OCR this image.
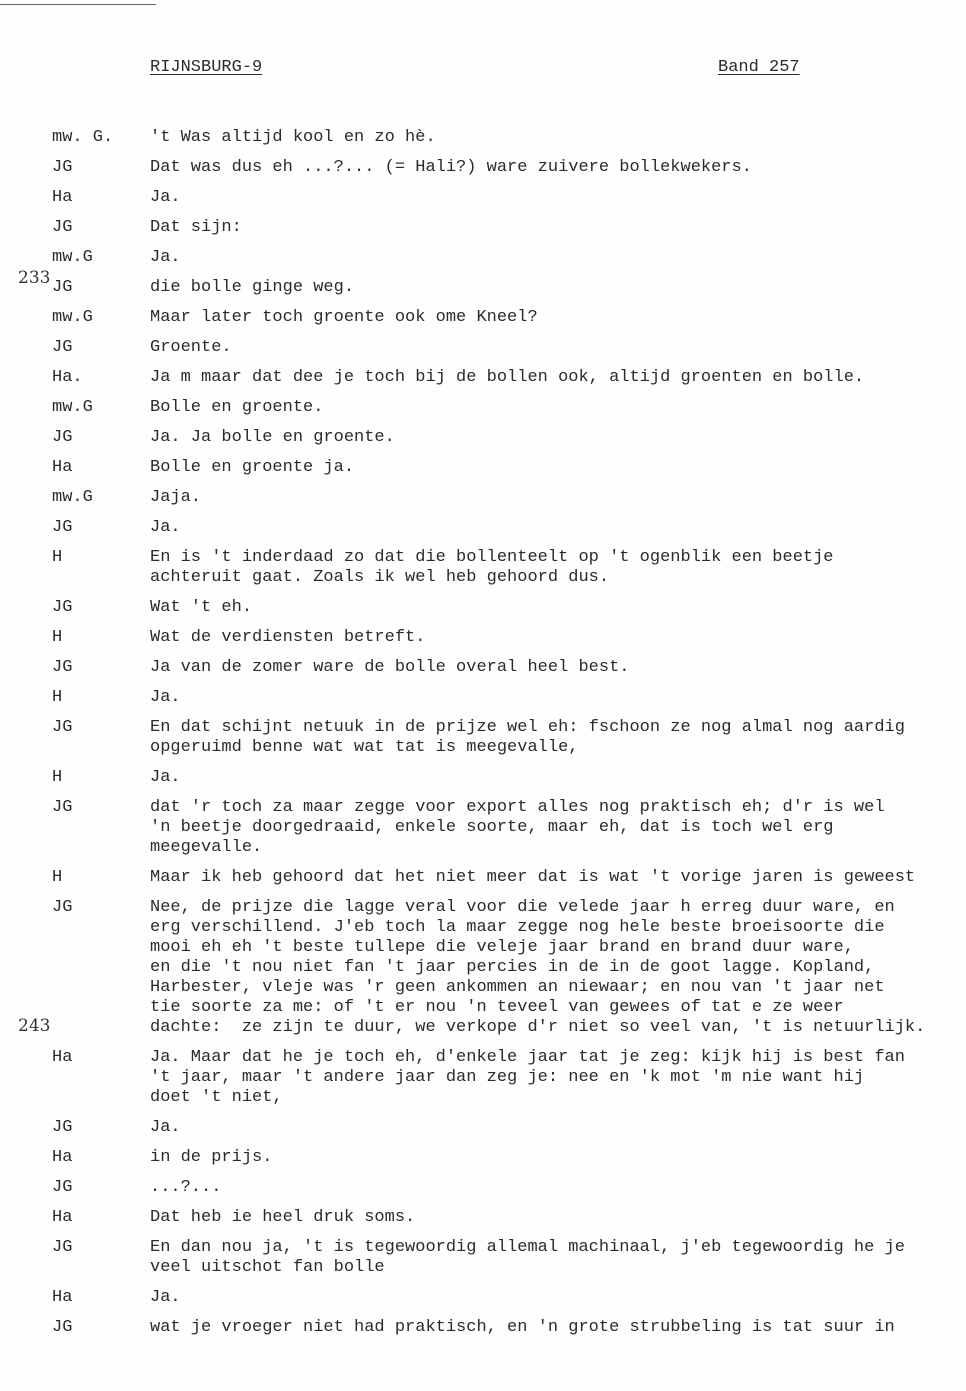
RIJNSBURG-9	Band 257
233
243
mw. G.	't Was altijd kool en zo hè.
JG	Dat was dus eh ...?... (= Hali?) ware zuivere bollekwekers.
Ha	Ja.
JG	Dat sijn:
mw.G	Ja.
JG	die bolle ginge weg.
mw.G	Maar later toch groente ook ome Kneel?
JG	Groente.
Ha.	Ja m maar dat dee je toch bij de bollen ook, altijd groenten en bolle.
mw.G	Bolle en groente.
JG	Ja. Ja bolle en groente.
Ha	Bolle en groente ja.
mw.G	Jaja.
JG	Ja.
H	En is 't inderdaad zo dat die bollenteelt op 't ogenblik een beetje
achteruit gaat. Zoals ik wel heb gehoord dus.
JG	Wat 't eh.
H	Wat de verdiensten betreft.
JG	Ja van de zomer ware de bolle overal heel best.
H	Ja.
JG	En dat schijnt netuuk in de prijze wel eh: fschoon ze nog almal nog aardig
opgeruimd benne wat wat tat is meegevalle,
H	Ja.
JG	dat 'r toch za maar zegge voor export alles nog praktisch eh; d'r is wel
'n beetje doorgedraaid, enkele soorte, maar eh, dat is toch wel erg
meegevalle.
H	Maar ik heb gehoord dat het niet meer dat is wat 't vorige jaren is geweest
JG	Nee, de prijze die lagge veral voor die velede jaar h erreg duur ware, en
erg verschillend. J'eb toch la maar zegge nog hele beste broeisoorte die
mooi eh eh 't beste tullepe die veleje jaar brand en brand duur ware,
en die 't nou niet fan 't jaar percies in de in de goot lagge. Kopland,
Harbester, vleje was 'r geen ankommen an niewaar; en nou van 't jaar net
tie soorte za me: of 't er nou 'n teveel van gewees of tat e ze weer
dachte:  ze zijn te duur, we verkope d'r niet so veel van, 't is netuurlijk.
Ha	Ja. Maar dat he je toch eh, d'enkele jaar tat je zeg: kijk hij is best fan
't jaar, maar 't andere jaar dan zeg je: nee en 'k mot 'm nie want hij
doet 't niet,
JG	Ja.
Ha	in de prijs.
JG	...?...
Ha	Dat heb ie heel druk soms.
JG	En dan nou ja, 't is tegewoordig allemal machinaal, j'eb tegewoordig he je
veel uitschot fan bolle
Ha	Ja.
JG	wat je vroeger niet had praktisch, en 'n grote strubbeling is tat suur in
